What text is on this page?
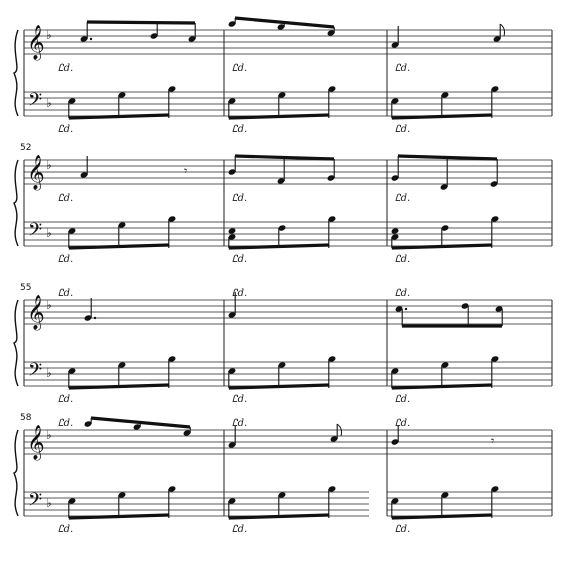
𝄞
𝄢
♭
♭
Ꮭd.
Ꮭd.
Ꮭd.
Ꮭd.
Ꮭd.
Ꮭd.
𝄞
𝄢
♭
♭
52
𝄾
Ꮭd.
Ꮭd.
Ꮭd.
Ꮭd.
Ꮭd.
Ꮭd.
𝄞
𝄢
♭
♭
55	Ꮭd.
Ꮭd.
Ꮭd.
Ꮭd.
Ꮭd.
Ꮭd.
𝄞
𝄢
♭
♭
58	Ꮭd.
Ꮭd.
Ꮭd.
Ꮭd.
𝄾
Ꮭd.
Ꮭd.
